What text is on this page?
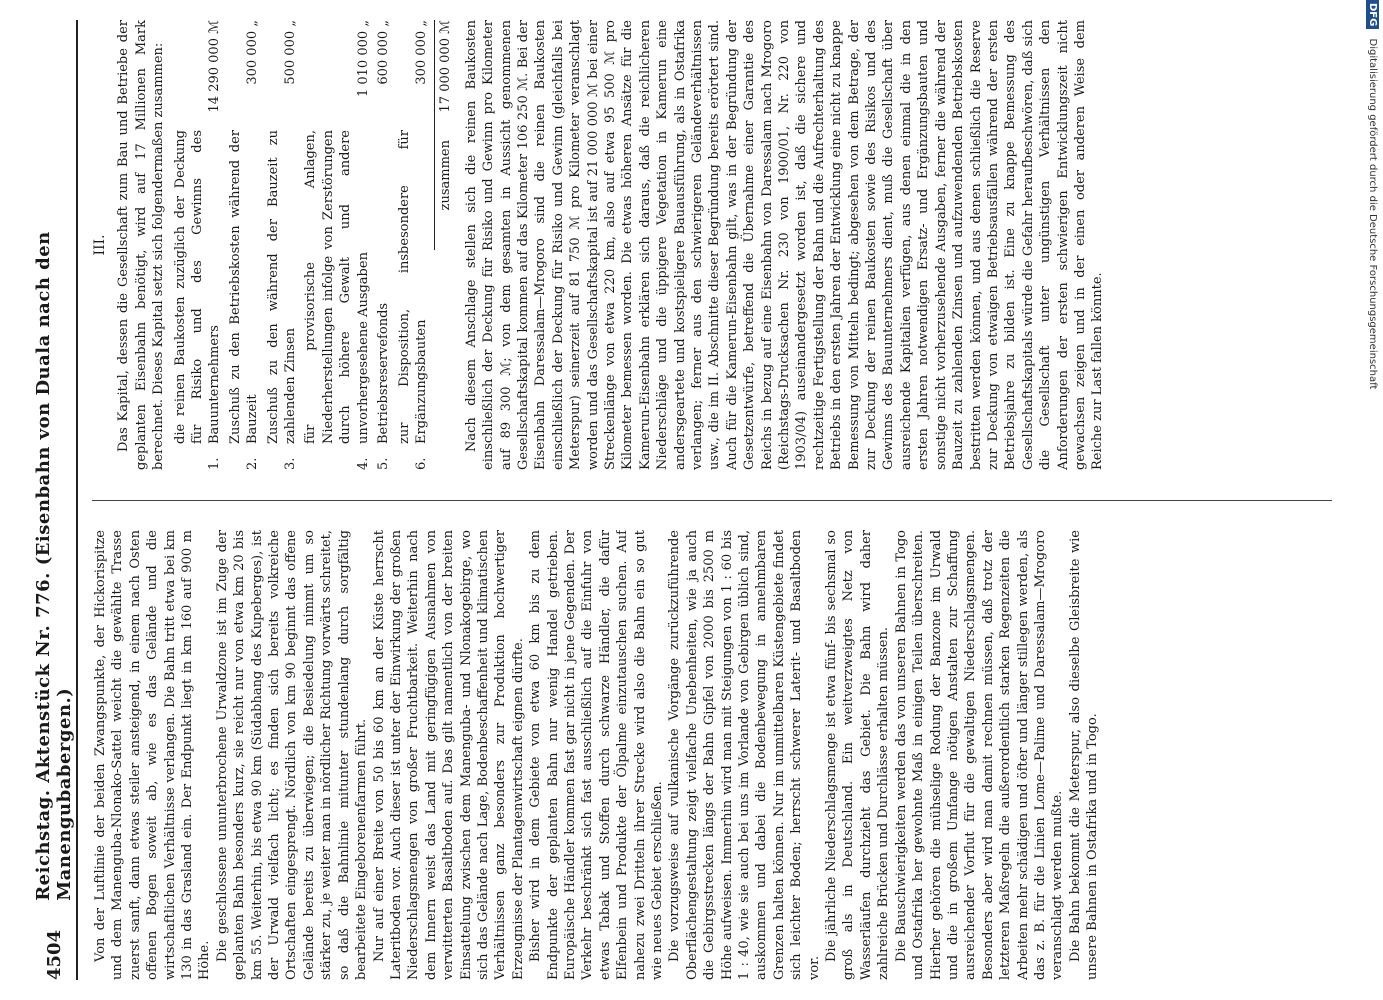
4504
Reichstag. Aktenstück Nr. 776. (Eisenbahn von Duala nach den Manengubabergen.) Von der Luftlinie der beiden Zwangspunkte, der Hickorispitze und dem Manenguba-Nlonako-Sattel weicht die gewählte Trasse zuerst sanft, dann etwas steiler ansteigend, in einem nach Osten offenen Bogen soweit ab, wie es das Gelände und die wirtschaftlichen Verhältnisse verlangen. Die Bahn tritt etwa bei km 130 in das Grasland ein. Der Endpunkt liegt in km 160 auf 900 m Höhe. Die geschlossene ununterbrochene Urwaldzone ist im Zuge der geplanten Bahn besonders kurz, sie reicht nur von etwa km 20 bis km 55. Weiterhin, bis etwa 90 km (Südabhang des Kupeberges), ist der Urwald vielfach licht; es finden sich bereits volkreiche Ortschaften eingesprengt. Nördlich von km 90 beginnt das offene Gelände bereits zu überwiegen; die Besiedelung nimmt um so stärker zu, je weiter man in nördlicher Richtung vorwärts schreitet, so daß die Bahnlinie mitunter stundenlang durch sorgfältig bearbeitete Eingeborenenfarmen führt. Nur auf einer Breite von 50 bis 60 km an der Küste herrscht Lateritboden vor. Auch dieser ist unter der Einwirkung der großen Niederschlagsmengen von großer Fruchtbarkeit. Weiterhin nach dem Innern weist das Land mit geringfügigen Ausnahmen von verwitterten Basaltboden auf. Das gilt namentlich von der breiten Einsattelung zwischen dem Manenguba- und Nlonakogebirge, wo sich das Gelände nach Lage, Bodenbeschaffenheit und klimatischen Verhältnissen ganz besonders zur Produktion hochwertiger Erzeugnisse der Plantagenwirtschaft eignen dürfte. Bisher wird in dem Gebiete von etwa 60 km bis zu dem Endpunkte der geplanten Bahn nur wenig Handel getrieben. Europäische Händler kommen fast gar nicht in jene Gegenden. Der Verkehr beschränkt sich fast ausschließlich auf die Einfuhr von etwas Tabak und Stoffen durch schwarze Händler, die dafür Elfenbein und Produkte der Ölpalme einzutauschen suchen. Auf nahezu zwei Dritteln ihrer Strecke wird also die Bahn ein so gut wie neues Gebiet erschließen. Die vorzugsweise auf vulkanische Vorgänge zurückzuführende Oberflächengestaltung zeigt vielfache Unebenheiten, wie ja auch die Gebirgsstrecken längs der Bahn Gipfel von 2000 bis 2500 m Höhe aufweisen. Immerhin wird man mit Steigungen von 1 : 60 bis 1 : 40, wie sie auch bei uns im Vorlande von Gebirgen üblich sind, auskommen und dabei die Bodenbewegung in annehmbaren Grenzen halten können. Nur im unmittelbaren Küstengebiete findet sich leichter Boden; herrscht schwerer Laterit- und Basaltboden vor.

Die jährliche Niederschlagsmenge ist etwa fünf- bis sechsmal so groß als in Deutschland. Ein weitverzweigtes Netz von Wasserläufen durchzieht das Gebiet. Die Bahn wird daher zahlreiche Brücken und Durchlässe erhalten müssen. Die Bauschwierigkeiten werden das von unseren Bahnen in Togo und Ostafrika her gewohnte Maß in einigen Teilen überschreiten. Hierher gehören die mühselige Rodung der Banzone im Urwald und die in großem Umfange nötigen Anstalten zur Schaffung ausreichender Vorflut für die gewaltigen Niederschlagsmengen. Besonders aber wird man damit rechnen müssen, daß trotz der letzteren Maßregeln die außerordentlich starken Regenzeiten die Arbeiten mehr schädigen und öfter und länger stillegen werden, als das z. B. für die Linien Lome—Palime und Daressalam—Mrogoro veranschlagt werden mußte. Die Bahn bekommt die Meterspur, also dieselbe Gleisbreite wie unsere Bahnen in Ostafrika und in Togo.

III. Das Kapital, dessen die Gesellschaft zum Bau und Betriebe der geplanten Eisenbahn benötigt, wird auf 17 Millionen Mark berechnet. Dieses Kapital setzt sich folgendermaßen zusammen:	1.
die reinen Baukosten zuzüglich der Deckung für Risiko und des Gewinns des Bauunternehmers
14 290 000 ℳ
2.
Zuschuß zu den Betriebskosten während der Bauzeit
300 000 „
3.
Zuschuß zu den während der Bauzeit zu zahlenden Zinsen
500 000 „
4.
für provisorische Anlagen, Niederherstellungen infolge von Zerstörungen durch höhere Gewalt und andere unvorhergesehene Ausgaben
1 010 000 „
5.
Betriebsreservefonds
600 000 „
6.
zur Disposition, insbesondere für Ergänzungsbauten
300 000 „
zusammen
17 000 000 ℳ Nach diesem Anschlage stellen sich die reinen Baukosten einschließlich der Deckung für Risiko und Gewinn pro Kilometer auf 89 300 ℳ; von dem gesamten in Aussicht genommenen Gesellschaftskapital kommen auf das Kilometer 106 250 ℳ. Bei der Eisenbahn Daressalam—Mrogoro sind die reinen Baukosten einschließlich der Deckung für Risiko und Gewinn (gleichfalls bei Meterspur) seinerzeit auf 81 750 ℳ pro Kilometer veranschlagt worden und das Gesellschaftskapital ist auf 21 000 000 ℳ bei einer Streckenlänge von etwa 220 km, also auf etwa 95 500 ℳ pro Kilometer bemessen worden. Die etwas höheren Ansätze für die Kamerun-Eisenbahn erklären sich daraus, daß die reichlicheren Niederschläge und die üppigere Vegetation in Kamerun eine andersgeartete und kostspieligere Bauausführung, als in Ostafrika verlangen; ferner aus den schwierigeren Geländeverhältnissen usw., die im II. Abschnitte dieser Begründung bereits erörtert sind. Auch für die Kamerun-Eisenbahn gilt, was in der Begründung der Gesetzentwürfe, betreffend die Übernahme einer Garantie des Reichs in bezug auf eine Eisenbahn von Daressalam nach Mrogoro (Reichstags-Drucksachen Nr. 230 von 1900/01, Nr. 220 von 1903/04) auseinandergesetzt worden ist, daß die sichere und rechtzeitige Fertigstellung der Bahn und die Aufrechterhaltung des Betriebs in den ersten Jahren der Entwicklung eine nicht zu knappe Bemessung von Mitteln bedingt; abgesehen von dem Betrage, der zur Deckung der reinen Baukosten sowie des Risikos und des Gewinns des Bauunternehmers dient, muß die Gesellschaft über ausreichende Kapitalien verfügen, aus denen einmal die in den ersten Jahren notwendigen Ersatz- und Ergänzungsbauten und sonstige nicht vorherzusehende Ausgaben, ferner die während der Bauzeit zu zahlenden Zinsen und aufzuwendenden Betriebskosten bestritten werden können, und aus denen schließlich die Reserve zur Deckung von etwaigen Betriebsausfällen während der ersten Betriebsjahre zu bilden ist. Eine zu knappe Bemessung des Gesellschaftskapitals würde die Gefahr heraufbeschwören, daß sich die Gesellschaft unter ungünstigen Verhältnissen den Anforderungen der ersten schwierigen Entwicklungszeit nicht gewachsen zeigen und in der einen oder anderen Weise dem Reiche zur Last fallen könnte.

DFG Digitalisierung gefördert durch die Deutsche Forschungsgemeinschaft
